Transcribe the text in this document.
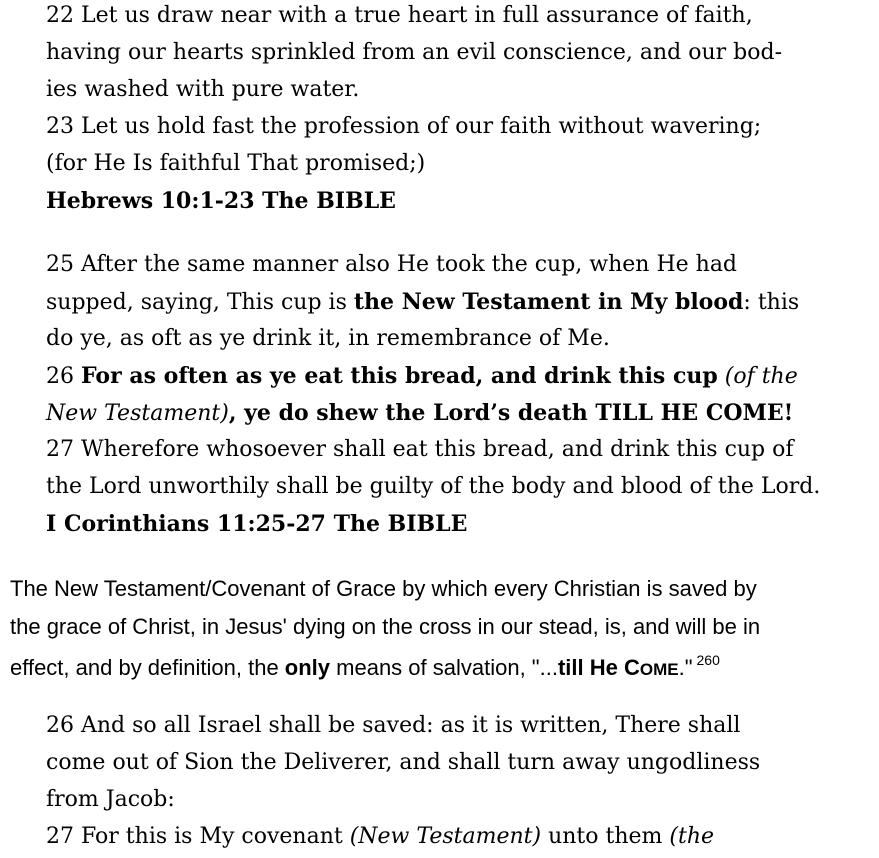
22 Let us draw near with a true heart in full assurance of faith,
having our hearts sprinkled from an evil conscience, and our bod-
ies washed with pure water.
23 Let us hold fast the profession of our faith without wavering;
(for He Is faithful That promised;)
Hebrews 10:1-23 The BIBLE
25 After the same manner also He took the cup, when He had
supped, saying, This cup is the New Testament in My blood: this
do ye, as oft as ye drink it, in remembrance of Me.
26 For as often as ye eat this bread, and drink this cup (of the
New Testament), ye do shew the Lord’s death TILL HE COME!
27 Wherefore whosoever shall eat this bread, and drink this cup of
the Lord unworthily shall be guilty of the body and blood of the Lord.
I Corinthians 11:25-27 The BIBLE
The New Testament/Covenant of Grace by which every Christian is saved by
the grace of Christ, in Jesus' dying on the cross in our stead, is, and will be in
effect, and by definition, the only means of salvation, "...till He COME." $^{260}$
26 And so all Israel shall be saved: as it is written, There shall
come out of Sion the Deliverer, and shall turn away ungodliness
from Jacob:
27 For this is My covenant (New Testament) unto them (the
